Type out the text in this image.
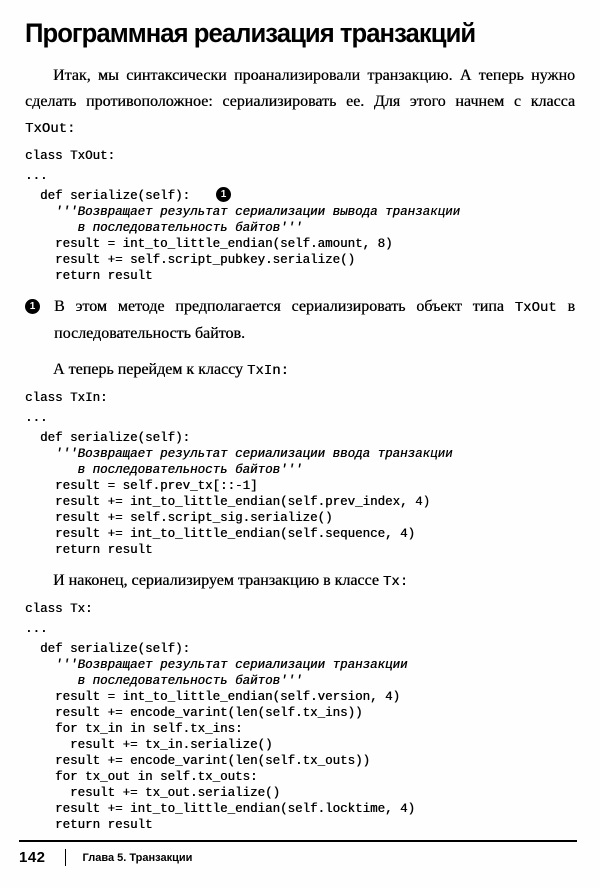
Программная реализация транзакций

Итак, мы синтаксически проанализировали транзакцию. А теперь нужно сделать противоположное: сериализировать ее. Для этого начнем с класса TxOut:

class TxOut:
...
def serialize(self):	1
'''Возвращает результат сериализации вывода транзакции
в последовательность байтов'''
result = int_to_little_endian(self.amount, 8)
result += self.script_pubkey.serialize()
return result
1 В этом методе предполагается сериализировать объект типа TxOut в последовательность байтов.

А теперь перейдем к классу TxIn:

class TxIn:
...
def serialize(self):
'''Возвращает результат сериализации ввода транзакции
в последовательность байтов'''
result = self.prev_tx[::-1]
result += int_to_little_endian(self.prev_index, 4)
result += self.script_sig.serialize()
result += int_to_little_endian(self.sequence, 4)
return result

И наконец, сериализируем транзакцию в классе Tx:

class Tx:
...
def serialize(self):
'''Возвращает результат сериализации транзакции
в последовательность байтов'''
result = int_to_little_endian(self.version, 4)
result += encode_varint(len(self.tx_ins))
for tx_in in self.tx_ins:
result += tx_in.serialize()
result += encode_varint(len(self.tx_outs))
for tx_out in self.tx_outs:
result += tx_out.serialize()
result += int_to_little_endian(self.locktime, 4)
return result
142	Глава 5. Транзакции
